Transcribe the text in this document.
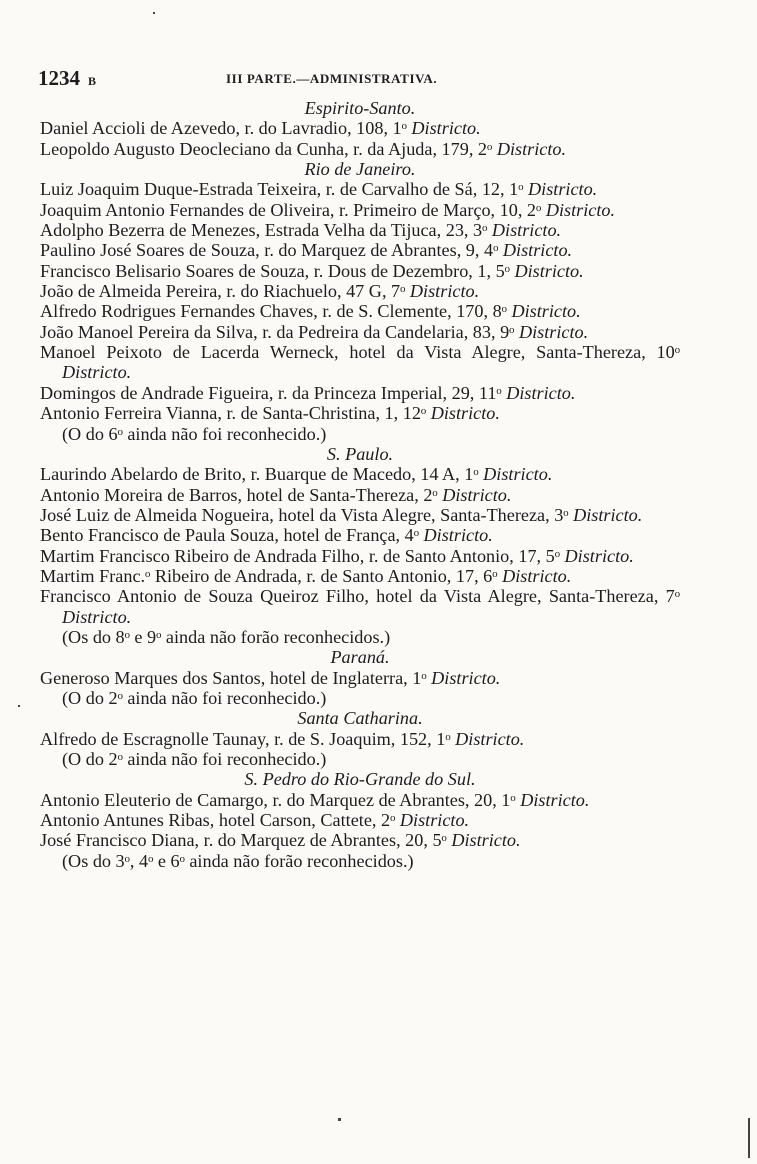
1234 B	III PARTE.—ADMINISTRATIVA.
Espirito-Santo.
Daniel Accioli de Azevedo, r. do Lavradio, 108, 1ᵒ Districto.
Leopoldo Augusto Deocleciano da Cunha, r. da Ajuda, 179, 2ᵒ Districto.
Rio de Janeiro.
Luiz Joaquim Duque-Estrada Teixeira, r. de Carvalho de Sá, 12, 1ᵒ Districto.
Joaquim Antonio Fernandes de Oliveira, r. Primeiro de Março, 10, 2ᵒ Districto.
Adolpho Bezerra de Menezes, Estrada Velha da Tijuca, 23, 3ᵒ Districto.
Paulino José Soares de Souza, r. do Marquez de Abrantes, 9, 4ᵒ Districto.
Francisco Belisario Soares de Souza, r. Dous de Dezembro, 1, 5ᵒ Districto.
João de Almeida Pereira, r. do Riachuelo, 47 G, 7ᵒ Districto.
Alfredo Rodrigues Fernandes Chaves, r. de S. Clemente, 170, 8ᵒ Districto.
João Manoel Pereira da Silva, r. da Pedreira da Candelaria, 83, 9ᵒ Districto.
Manoel Peixoto de Lacerda Werneck, hotel da Vista Alegre, Santa-Thereza, 10ᵒ Districto.
Domingos de Andrade Figueira, r. da Princeza Imperial, 29, 11ᵒ Districto.
Antonio Ferreira Vianna, r. de Santa-Christina, 1, 12ᵒ Districto.
(O do 6ᵒ ainda não foi reconhecido.)
S. Paulo.
Laurindo Abelardo de Brito, r. Buarque de Macedo, 14 A, 1ᵒ Districto.
Antonio Moreira de Barros, hotel de Santa-Thereza, 2ᵒ Districto.
José Luiz de Almeida Nogueira, hotel da Vista Alegre, Santa-Thereza, 3ᵒ Districto.
Bento Francisco de Paula Souza, hotel de França, 4ᵒ Districto.
Martim Francisco Ribeiro de Andrada Filho, r. de Santo Antonio, 17, 5ᵒ Districto.
Martim Franc.ᵒ Ribeiro de Andrada, r. de Santo Antonio, 17, 6ᵒ Districto.
Francisco Antonio de Souza Queiroz Filho, hotel da Vista Alegre, Santa-Thereza, 7ᵒ Districto.
(Os do 8ᵒ e 9ᵒ ainda não forão reconhecidos.)
Paraná.
Generoso Marques dos Santos, hotel de Inglaterra, 1ᵒ Districto.
(O do 2ᵒ ainda não foi reconhecido.)
Santa Catharina.
Alfredo de Escragnolle Taunay, r. de S. Joaquim, 152, 1ᵒ Districto.
(O do 2ᵒ ainda não foi reconhecido.)
S. Pedro do Rio-Grande do Sul.
Antonio Eleuterio de Camargo, r. do Marquez de Abrantes, 20, 1ᵒ Districto.
Antonio Antunes Ribas, hotel Carson, Cattete, 2ᵒ Districto.
José Francisco Diana, r. do Marquez de Abrantes, 20, 5ᵒ Districto.
(Os do 3ᵒ, 4ᵒ e 6ᵒ ainda não forão reconhecidos.)
